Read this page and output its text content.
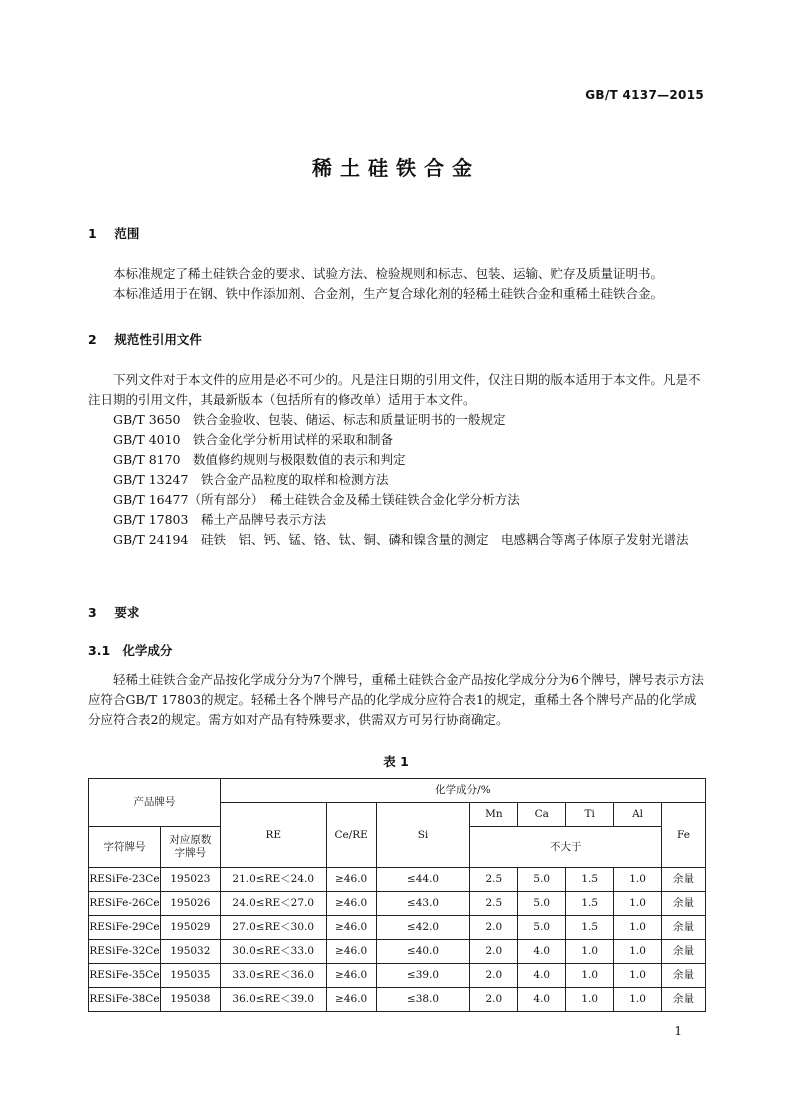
GB/T 4137—2015
稀土硅铁合金
1 范围

本标准规定了稀土硅铁合金的要求、试验方法、检验规则和标志、包装、运输、贮存及质量证明书。

本标准适用于在钢、铁中作添加剂、合金剂，生产复合球化剂的轻稀土硅铁合金和重稀土硅铁合金。

2 规范性引用文件

下列文件对于本文件的应用是必不可少的。凡是注日期的引用文件，仅注日期的版本适用于本文件。凡是不注日期的引用文件，其最新版本（包括所有的修改单）适用于本文件。

GB/T 3650　铁合金验收、包装、储运、标志和质量证明书的一般规定

GB/T 4010　铁合金化学分析用试样的采取和制备

GB/T 8170　数值修约规则与极限数值的表示和判定

GB/T 13247　铁合金产品粒度的取样和检测方法

GB/T 16477（所有部分）　稀土硅铁合金及稀土镁硅铁合金化学分析方法

GB/T 17803　稀土产品牌号表示方法

GB/T 24194　硅铁　铝、钙、锰、铬、钛、铜、磷和镍含量的测定　电感耦合等离子体原子发射光谱法

3 要求
3.1 化学成分

轻稀土硅铁合金产品按化学成分分为7个牌号，重稀土硅铁合金产品按化学成分分为6个牌号，牌号表示方法应符合GB/T 17803的规定。轻稀土各个牌号产品的化学成分应符合表1的规定，重稀土各个牌号产品的化学成分应符合表2的规定。需方如对产品有特殊要求，供需双方可另行协商确定。

表 1
产品牌号		化学成分/%							
		RE	Ce/RE	Si	Mn	Ca	Ti	Al	Fe
字符牌号	对应原数字牌号				不大于				

RESiFe-23Ce	195023	21.0≤RE＜24.0	≥46.0	≤44.0	2.5	5.0	1.5	1.0	余量
RESiFe-26Ce	195026	24.0≤RE＜27.0	≥46.0	≤43.0	2.5	5.0	1.5	1.0	余量
RESiFe-29Ce	195029	27.0≤RE＜30.0	≥46.0	≤42.0	2.0	5.0	1.5	1.0	余量
RESiFe-32Ce	195032	30.0≤RE＜33.0	≥46.0	≤40.0	2.0	4.0	1.0	1.0	余量
RESiFe-35Ce	195035	33.0≤RE＜36.0	≥46.0	≤39.0	2.0	4.0	1.0	1.0	余量
RESiFe-38Ce	195038	36.0≤RE＜39.0	≥46.0	≤38.0	2.0	4.0	1.0	1.0	余量
1
